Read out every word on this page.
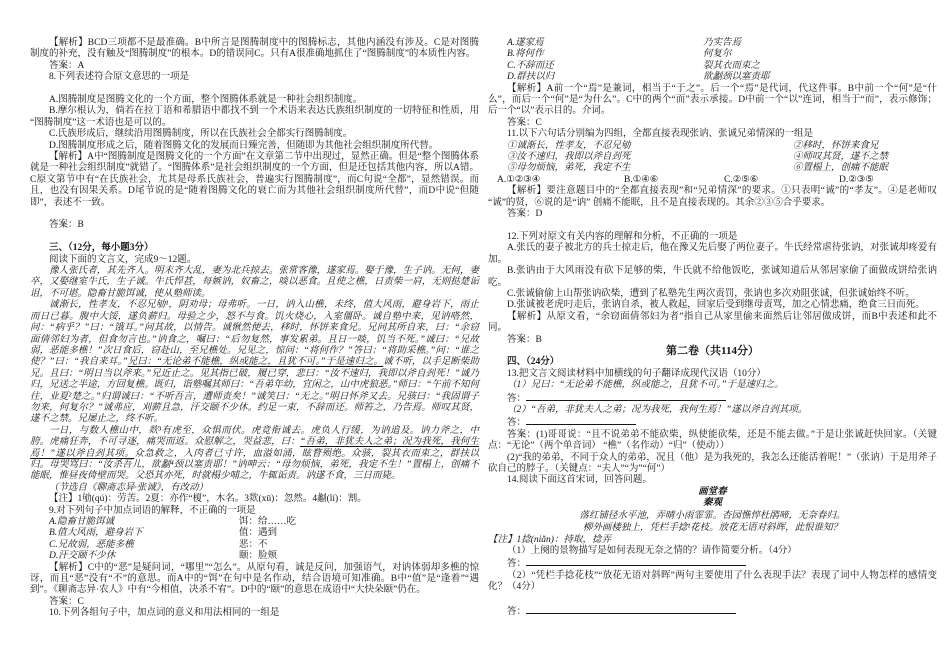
【解析】BCD三项都不是最准确。B中所言是图腾制度中的图腾标志，其他内涵没有涉及。C是对图腾制度的补充，没有触及“图腾制度”的根本。D的错误同C。只有A很准确地抓住了“图腾制度”的本质性内容。

答案：A

8.下列表述符合原文意思的一项是

A.图腾制度是图腾文化的一个方面，整个图腾体系就是一种社会组织制度。

B.摩尔根认为，倘若在拉丁语和希腊语中都找不到一个术语来表达氏族组织制度的一切特征和性质，用“图腾制度”这一术语也是可以的。

C.氏族形成后，继续沿用图腾制度，所以在氏族社会全都实行图腾制度。

D.图腾制度形成之后，随着图腾文化的发展而日臻完善，但随即为其他社会组织制度所代替。

【解析】A中“图腾制度是图腾文化的一个方面”在文章第二节中出现过，显然正确。但是“整个图腾体系就是一种社会组织制度”就错了。“图腾体系”是社会组织制度的一个方面，但是还包括其他内容，所以A错。C原文第节中有“在氏族社会，尤其是母系氏族社会，普遍实行图腾制度”，而C句说“全都”，显然错误。而且，也没有因果关系。D尾节说的是“随着图腾文化的衰亡而为其他社会组织制度所代替”，而D中说“但随即”，表述不一致。

答案：B

三、（12分，每小题3分）

阅读下面的文言文，完成9～12题。

豫人张氏者，其先齐人。明末齐大乱，妻为北兵掠去。张常客豫，遂家焉。娶于豫，生子讷。无何，妻卒，又娶继室牛氏，生子诚。牛氏悍甚，每嫉讷，奴畜之，啖以恶食。且使之樵，日责柴一肩，无则挞楚诟诅，不可堪。隐畜甘脆饵诚，使从塾师读。

诚渐长，性孝友，不忍兄劬¹，阴劝母；母弗听。一日，讷入山樵，未终，值大风雨，避身岩下，雨止而日已暮。腹中大馁，遂负薪归。母验之少，怒不与食。饥火烧心，入室僵卧。诚自塾中来，见讷嗒然，问：“病乎？”曰：“饿耳。”问其故，以情告。诚愀然便去，移时，怀饼来食兄。兄问其所自来，曰：“余窃面倩邻妇为者，但食勿言也。”讷食之，嘱曰：“后勿复然，事发累弟。且日一啖，饥当不死。”诚曰：“兄故弱，恶能多樵！”次日食后，窃赴山，至兄樵处。兄见之，惊问：“将何作？”答曰：“将助采樵。”问：“谁之使？”曰：“我自来耳。”兄曰：“无论弟不能樵，纵或能之，且犹不可。”于是速归之。诚不听，以手足断柴助兄。且曰：“明日当以斧来。”兄近止之。见其指已破，履已穿，悲曰：“汝不速归，我即以斧自刭死！”诚乃归，兄送之半途，方回复樵。既归，诣塾嘱其师曰：“吾弟年幼，宜闲之，山中虎狼恶。”师曰：“午前不知何往，业夏²楚之。”归谓诚曰：“不听吾言，遭师责矣！”诚笑曰：“无之。”明日怀斧又去。兄骇曰：“我固谓子勿来，何复尔？”诚弗应，刈薪且急，汗交颐不少休。约足一束，不辞而还。师笞之，乃告焉。师叹其贤，遂不之禁。兄屡止之，终不听。

一日，与数人樵山中，欻³有虎至，众惧而伏。虎竟衔诚去。虎负人行缓，为讷追及。讷力斧之，中胯。虎痛狂奔，不可寻逐，痛哭而返。众慰解之，哭益悲，曰：“吾弟，非犹夫人之弟；况为我死，我何生焉！”遂以斧自刭其项。众急救之，入肉者已寸许，血溢如涌，眩瞀殒绝。众骇，裂其衣而束之，群扶以归。母哭骂曰：“汝杀吾儿，欲劙⁴颈以塞责耶！”讷呻云：“母勿烦恼，弟死，我定不生！”置榻上，创痛不能眠，惟昼夜倚壁而哭。父恐其亦死，时就榻少哺之，牛辄诟责。讷遂不食，三日而毙。

（节选自《聊斋志异·张诚》，有改动）

【注】1劬(qú)：劳苦。2夏：亦作“榎”，木名。3欻(xū)：忽然。4劙(lí)：割。

9.对下列句子中加点词语的解释，不正确的一项是

A.隐畜甘脆饵诚	饵：给……吃

B.值大风雨，避身岩下	值：遇到

C.兄故弱，恶能多樵	恶：不

D.汗交颐不少休	颐：脸颊

【解析】C中的“恶”是疑问词，“哪里”“怎么”。从原句看，诚是反问，加强语气，对讷体弱却多樵的惊讶，而且“恶”没有“不”的意思。而A中的“饵”在句中是名作动，结合语境可知准确。B中“值”是“逢着”“遇到”。《聊斋志异·农人》中有“今相值，决杀不宥”。D中的“颐”的意思在成语中“大快朵颐”仍在。

答案：C

10.下列各组句子中，加点词的意义和用法相同的一组是

A.遂家焉	乃实告焉

B.将何作	何复尔

C.不辞而还	裂其衣而束之

D.群扶以归	欲劙颈以塞责耶

【解析】A前一个“焉”是兼词，相当于“于之”。后一个“焉”是代词，代这件事。B中前一个“何”是“什么”，而后一个“何”是“为什么”。C中的两个“而”表示承接。D中前一个“以”连词，相当于“而”，表示修饰；后一个“以”表示目的。介词。

答案：C

11.以下六句话分别编为四组，全都直接表现张讷、张诚兄弟情深的一组是

①诚渐长，性孝友，不忍兄劬	②移时，怀饼来食兄

③汝不速归，我即以斧自刭死	④师叹其贤，遂不之禁

⑤母勿烦恼，弟死，我定不生	⑥置榻上，创痛不能眠

A.①②③④	B.①④⑥	C.②⑤⑥	D.②③⑤

【解析】要注意题目中的“全都直接表现”和“兄弟情深”的要求。①只表明“诚”的“孝友”。④是老师叹“诚”的贤，⑥说的是“讷” 创痛不能眠，且不是直接表现的。其余②③⑤合乎要求。

答案：D

12.下列对原文有关内容的理解和分析，不正确的一项是

A.张氏的妻子被北方的兵士掠走后，他在豫又先后娶了两位妻子。牛氏经常虐待张讷，对张诚却疼爱有加。

B.张讷由于大风雨没有砍下足够的柴，牛氏就不给他饭吃，张诚知道后从邻居家偷了面做成饼给张讷吃。

C.张诚偷偷上山帮张讷砍柴，遭到了私塾先生两次责罚，张讷也多次劝阻张诚，但张诚始终不听。

D.张诚被老虎叼走后，张讷自杀，被人救起，回家后受到继母责骂，加之心情悲痛，绝食三日而死。

【解析】从原文看，“余窃面倩邻妇为者”指自己从家里偷来面然后让邻居做成饼，而B中表述和此不同。

答案：B

第二卷（共114分）

四、（24分）

13.把文言文阅读材料中加横线的句子翻译成现代汉语（10分）

（1）兄曰：“无论弟不能樵，纵或能之，且犹不可。”于是速归之。

答：

（2）“吾弟，非犹夫人之弟；况为我死，我何生焉！”遂以斧自刭其项。

答：

答案：(1)哥哥说：“且不说弟弟不能砍柴，纵使能砍柴，还是不能去做。”于是让张诚赶快回家。（关键点：“无论”（两个单音词） “樵”（名作动）“归”（使动））

(2)“我的弟弟，不同于众人的弟弟，况且（他）是为我死的，我怎么还能活着呢！”（张讷）于是用斧子砍自己的脖子。（关键点：“夫人”“为”“何”）

14.阅读下面这首宋词，回答问题。

画堂春

秦观

落红铺径水平池，弄晴小雨霏霏。杏园憔悴杜鹃啼，无奈春归。

柳外画楼独上，凭栏手捻¹花枝。放花无语对斜晖，此恨谁知？

【注】1捻(niǎn)：持取，捻弄

（1）上阕的景物描写是如何表现无奈之情的？请作简要分析。（4分）

答：

（2）“凭栏手捻花枝”“放花无语对斜晖”两句主要使用了什么表现手法？表现了词中人物怎样的感情变化？（4分）

答：
